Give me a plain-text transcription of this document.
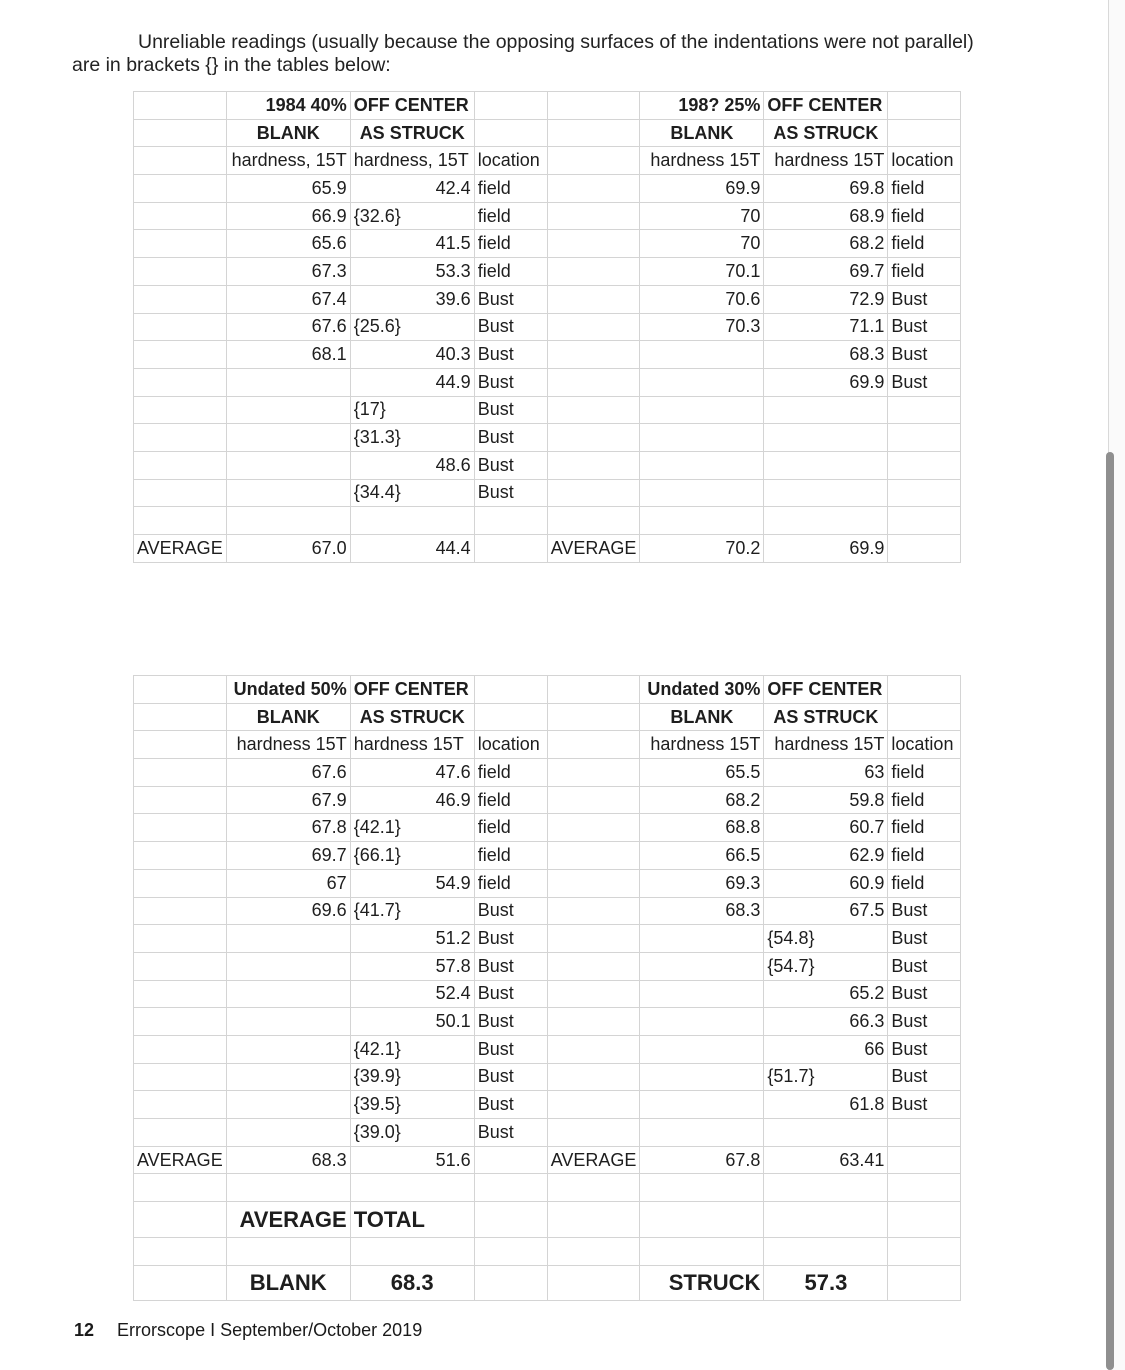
Unreliable readings (usually because the opposing surfaces of the indentations were not parallel)
are in brackets {} in the tables below:
	1984 40%	OFF CENTER			198? 25%	OFF CENTER	
	BLANK	AS STRUCK			BLANK	AS STRUCK	
	hardness, 15T	hardness, 15T	location		hardness 15T	hardness 15T	location
	65.9	42.4	field		69.9	69.8	field
	66.9	{32.6}	field		70	68.9	field
	65.6	41.5	field		70	68.2	field
	67.3	53.3	field		70.1	69.7	field
	67.4	39.6	Bust		70.6	72.9	Bust
	67.6	{25.6}	Bust		70.3	71.1	Bust
	68.1	40.3	Bust			68.3	Bust
		44.9	Bust			69.9	Bust
		{17}	Bust				
		{31.3}	Bust				
		48.6	Bust				
		{34.4}	Bust				

AVERAGE	67.0	44.4		AVERAGE	70.2	69.9	
	Undated 50%	OFF CENTER			Undated 30%	OFF CENTER	
	BLANK	AS STRUCK			BLANK	AS STRUCK	
	hardness 15T	hardness 15T	location		hardness 15T	hardness 15T	location
	67.6	47.6	field		65.5	63	field
	67.9	46.9	field		68.2	59.8	field
	67.8	{42.1}	field		68.8	60.7	field
	69.7	{66.1}	field		66.5	62.9	field
	67	54.9	field		69.3	60.9	field
	69.6	{41.7}	Bust		68.3	67.5	Bust
		51.2	Bust			{54.8}	Bust
		57.8	Bust			{54.7}	Bust
		52.4	Bust			65.2	Bust
		50.1	Bust			66.3	Bust
		{42.1}	Bust			66	Bust
		{39.9}	Bust			{51.7}	Bust
		{39.5}	Bust			61.8	Bust
		{39.0}	Bust				
AVERAGE	68.3	51.6		AVERAGE	67.8	63.41	

	AVERAGE	TOTAL					

	BLANK	68.3			STRUCK	57.3	
12 Errorscope I September/October 2019
